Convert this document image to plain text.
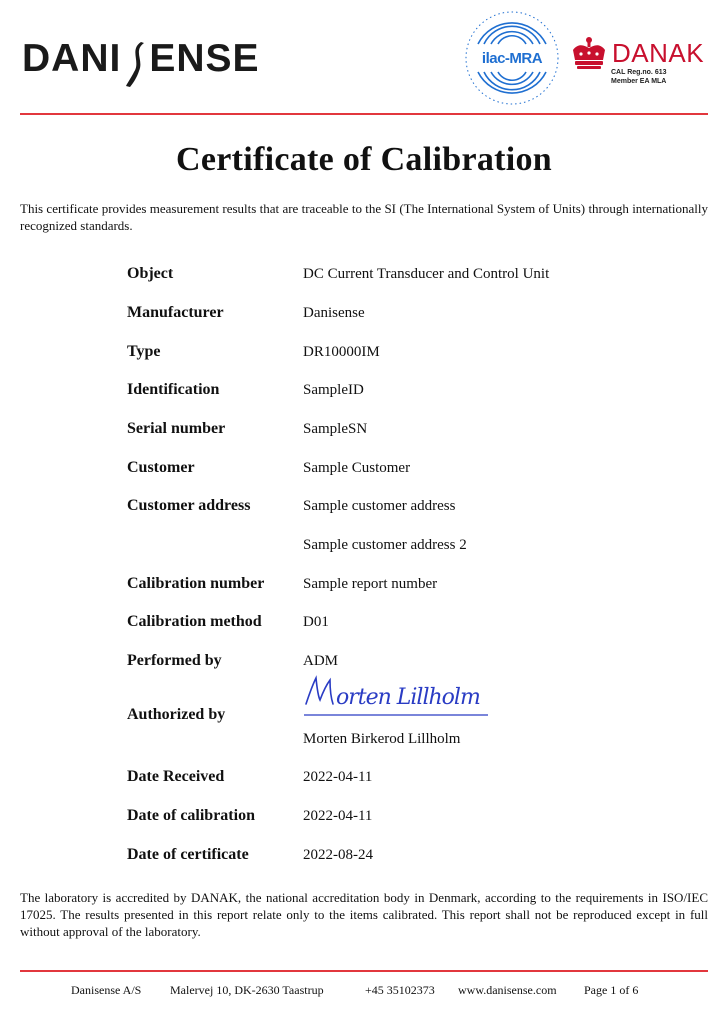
DANI ENSE	ilac-MRA	DANAK
CAL Reg.no. 613
Member EA MLA
Certificate of Calibration

This certificate provides measurement results that are traceable to the SI (The International System of Units) through internationally recognized standards.

Object	DC Current Transducer and Control Unit
Manufacturer	Danisense
Type	DR10000IM
Identification	SampleID
Serial number	SampleSN
Customer	Sample Customer
Customer address	Sample customer address
Sample customer address 2
Calibration number	Sample report number
Calibration method	D01
Performed by	ADM
Authorized by
orten Lillholm
Morten Birkerod Lillholm
Date Received	2022-04-11
Date of calibration	2022-04-11
Date of certificate	2022-08-24

The laboratory is accredited by DANAK, the national accreditation body in Denmark, according to the requirements in ISO/IEC 17025. The results presented in this report relate only to the items calibrated. This report shall not be reproduced except in full without approval of the laboratory.

Danisense A/S Malervej 10, DK-2630 Taastrup	+45 35102373 www.danisense.com Page 1 of 6
